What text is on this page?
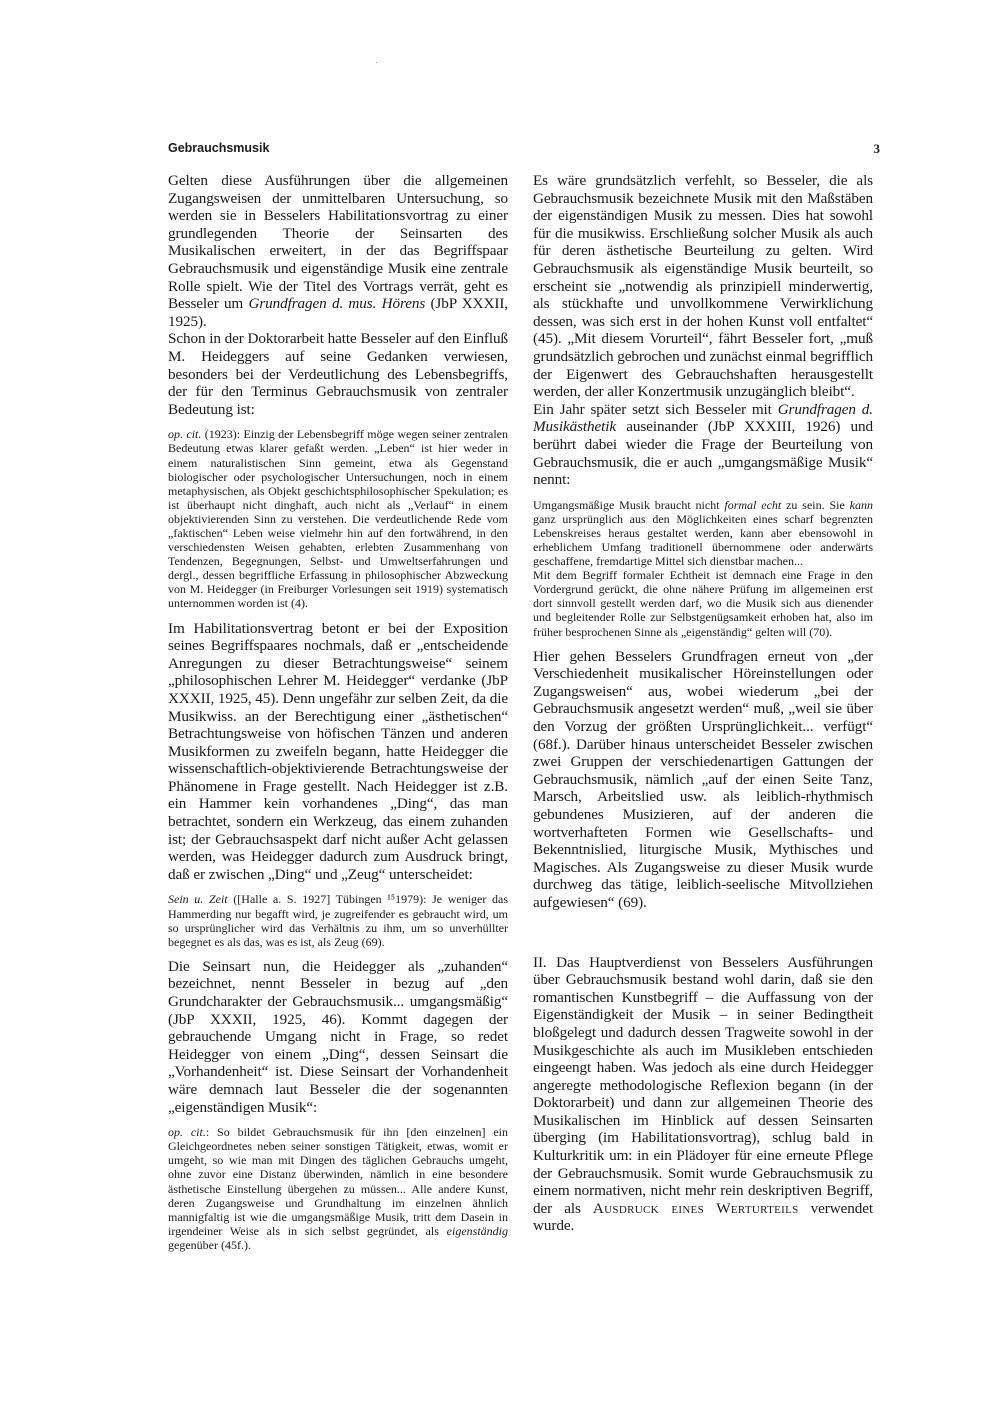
Gebrauchsmusik	3

Gelten diese Ausführungen über die allgemeinen Zugangsweisen der unmittelbaren Untersuchung, so werden sie in Besselers Habilitationsvortrag zu einer grundlegenden Theorie der Seinsarten des Musikalischen erweitert, in der das Begriffspaar Gebrauchsmusik und eigenständige Musik eine zentrale Rolle spielt. Wie der Titel des Vortrags verrät, geht es Besseler um Grundfragen d. mus. Hörens (JbP XXXII, 1925).

Schon in der Doktorarbeit hatte Besseler auf den Einfluß M. Heideggers auf seine Gedanken verwiesen, besonders bei der Verdeutlichung des Lebensbegriffs, der für den Terminus Gebrauchsmusik von zentraler Bedeutung ist:

op. cit. (1923): Einzig der Lebensbegriff möge wegen seiner zentralen Bedeutung etwas klarer gefaßt werden. „Leben“ ist hier weder in einem naturalistischen Sinn gemeint, etwa als Gegenstand biologischer oder psychologischer Untersuchungen, noch in einem metaphysischen, als Objekt geschichtsphilosophischer Spekulation; es ist überhaupt nicht dinghaft, auch nicht als „Verlauf“ in einem objektivierenden Sinn zu verstehen. Die verdeutlichende Rede vom „faktischen“ Leben weise vielmehr hin auf den fortwährend, in den verschiedensten Weisen gehabten, erlebten Zusammenhang von Tendenzen, Begegnungen, Selbst- und Umweltserfahrungen und dergl., dessen begriffliche Erfassung in philosophischer Abzweckung von M. Heidegger (in Freiburger Vorlesungen seit 1919) systematisch unternommen worden ist (4).

Im Habilitationsvertrag betont er bei der Exposition seines Begriffspaares nochmals, daß er „entscheidende Anregungen zu dieser Betrachtungsweise“ seinem „philosophischen Lehrer M. Heidegger“ verdanke (JbP XXXII, 1925, 45). Denn ungefähr zur selben Zeit, da die Musikwiss. an der Berechtigung einer „ästhetischen“ Betrachtungsweise von höfischen Tänzen und anderen Musikformen zu zweifeln begann, hatte Heidegger die wissenschaftlich-objektivierende Betrachtungsweise der Phänomene in Frage gestellt. Nach Heidegger ist z.B. ein Hammer kein vorhandenes „Ding“, das man betrachtet, sondern ein Werkzeug, das einem zuhanden ist; der Gebrauchsaspekt darf nicht außer Acht gelassen werden, was Heidegger dadurch zum Ausdruck bringt, daß er zwischen „Ding“ und „Zeug“ unterscheidet:

Sein u. Zeit ([Halle a. S. 1927] Tübingen ¹⁵1979): Je weniger das Hammerding nur begafft wird, je zugreifender es gebraucht wird, um so ursprünglicher wird das Verhältnis zu ihm, um so unverhüllter begegnet es als das, was es ist, als Zeug (69).

Die Seinsart nun, die Heidegger als „zuhanden“ bezeichnet, nennt Besseler in bezug auf „den Grundcharakter der Gebrauchsmusik... umgangsmäßig“ (JbP XXXII, 1925, 46). Kommt dagegen der gebrauchende Umgang nicht in Frage, so redet Heidegger von einem „Ding“, dessen Seinsart die „Vorhandenheit“ ist. Diese Seinsart der Vorhandenheit wäre demnach laut Besseler die der sogenannten „eigenständigen Musik“:

op. cit.: So bildet Gebrauchsmusik für ihn [den einzelnen] ein Gleichgeordnetes neben seiner sonstigen Tätigkeit, etwas, womit er umgeht, so wie man mit Dingen des täglichen Gebrauchs umgeht, ohne zuvor eine Distanz überwinden, nämlich in eine besondere ästhetische Einstellung übergehen zu müssen... Alle andere Kunst, deren Zugangsweise und Grundhaltung im einzelnen ähnlich mannigfaltig ist wie die umgangsmäßige Musik, tritt dem Dasein in irgendeiner Weise als in sich selbst gegründet, als eigenständig gegenüber (45f.).

Es wäre grundsätzlich verfehlt, so Besseler, die als Gebrauchsmusik bezeichnete Musik mit den Maßstäben der eigenständigen Musik zu messen. Dies hat sowohl für die musikwiss. Erschließung solcher Musik als auch für deren ästhetische Beurteilung zu gelten. Wird Gebrauchsmusik als eigenständige Musik beurteilt, so erscheint sie „notwendig als prinzipiell minderwertig, als stückhafte und unvollkommene Verwirklichung dessen, was sich erst in der hohen Kunst voll entfaltet“ (45). „Mit diesem Vorurteil“, fährt Besseler fort, „muß grundsätzlich gebrochen und zunächst einmal begrifflich der Eigenwert des Gebrauchshaften herausgestellt werden, der aller Konzertmusik unzugänglich bleibt“.

Ein Jahr später setzt sich Besseler mit Grundfragen d. Musikästhetik auseinander (JbP XXXIII, 1926) und berührt dabei wieder die Frage der Beurteilung von Gebrauchsmusik, die er auch „umgangsmäßige Musik“ nennt:

Umgangsmäßige Musik braucht nicht formal echt zu sein. Sie kann ganz ursprünglich aus den Möglichkeiten eines scharf begrenzten Lebenskreises heraus gestaltet werden, kann aber ebensowohl in erheblichem Umfang traditionell übernommene oder anderwärts geschaffene, fremdartige Mittel sich dienstbar machen...

Mit dem Begriff formaler Echtheit ist demnach eine Frage in den Vordergrund gerückt, die ohne nähere Prüfung im allgemeinen erst dort sinnvoll gestellt werden darf, wo die Musik sich aus dienender und begleitender Rolle zur Selbstgenügsamkeit erhoben hat, also im früher besprochenen Sinne als „eigenständig“ gelten will (70).

Hier gehen Besselers Grundfragen erneut von „der Verschiedenheit musikalischer Höreinstellungen oder Zugangsweisen“ aus, wobei wiederum „bei der Gebrauchsmusik angesetzt werden“ muß, „weil sie über den Vorzug der größten Ursprünglichkeit... verfügt“ (68f.). Darüber hinaus unterscheidet Besseler zwischen zwei Gruppen der verschiedenartigen Gattungen der Gebrauchsmusik, nämlich „auf der einen Seite Tanz, Marsch, Arbeitslied usw. als leiblich-rhythmisch gebundenes Musizieren, auf der anderen die wortverhafteten Formen wie Gesellschafts- und Bekenntnislied, liturgische Musik, Mythisches und Magisches. Als Zugangsweise zu dieser Musik wurde durchweg das tätige, leiblich-seelische Mitvollziehen aufgewiesen“ (69).

II. Das Hauptverdienst von Besselers Ausführungen über Gebrauchsmusik bestand wohl darin, daß sie den romantischen Kunstbegriff – die Auffassung von der Eigenständigkeit der Musik – in seiner Bedingtheit bloßgelegt und dadurch dessen Tragweite sowohl in der Musikgeschichte als auch im Musikleben entschieden eingeengt haben. Was jedoch als eine durch Heidegger angeregte methodologische Reflexion begann (in der Doktorarbeit) und dann zur allgemeinen Theorie des Musikalischen im Hinblick auf dessen Seinsarten überging (im Habilitationsvortrag), schlug bald in Kulturkritik um: in ein Plädoyer für eine erneute Pflege der Gebrauchsmusik. Somit wurde Gebrauchsmusik zu einem normativen, nicht mehr rein deskriptiven Begriff, der als Ausdruck eines Werturteils verwendet wurde.
